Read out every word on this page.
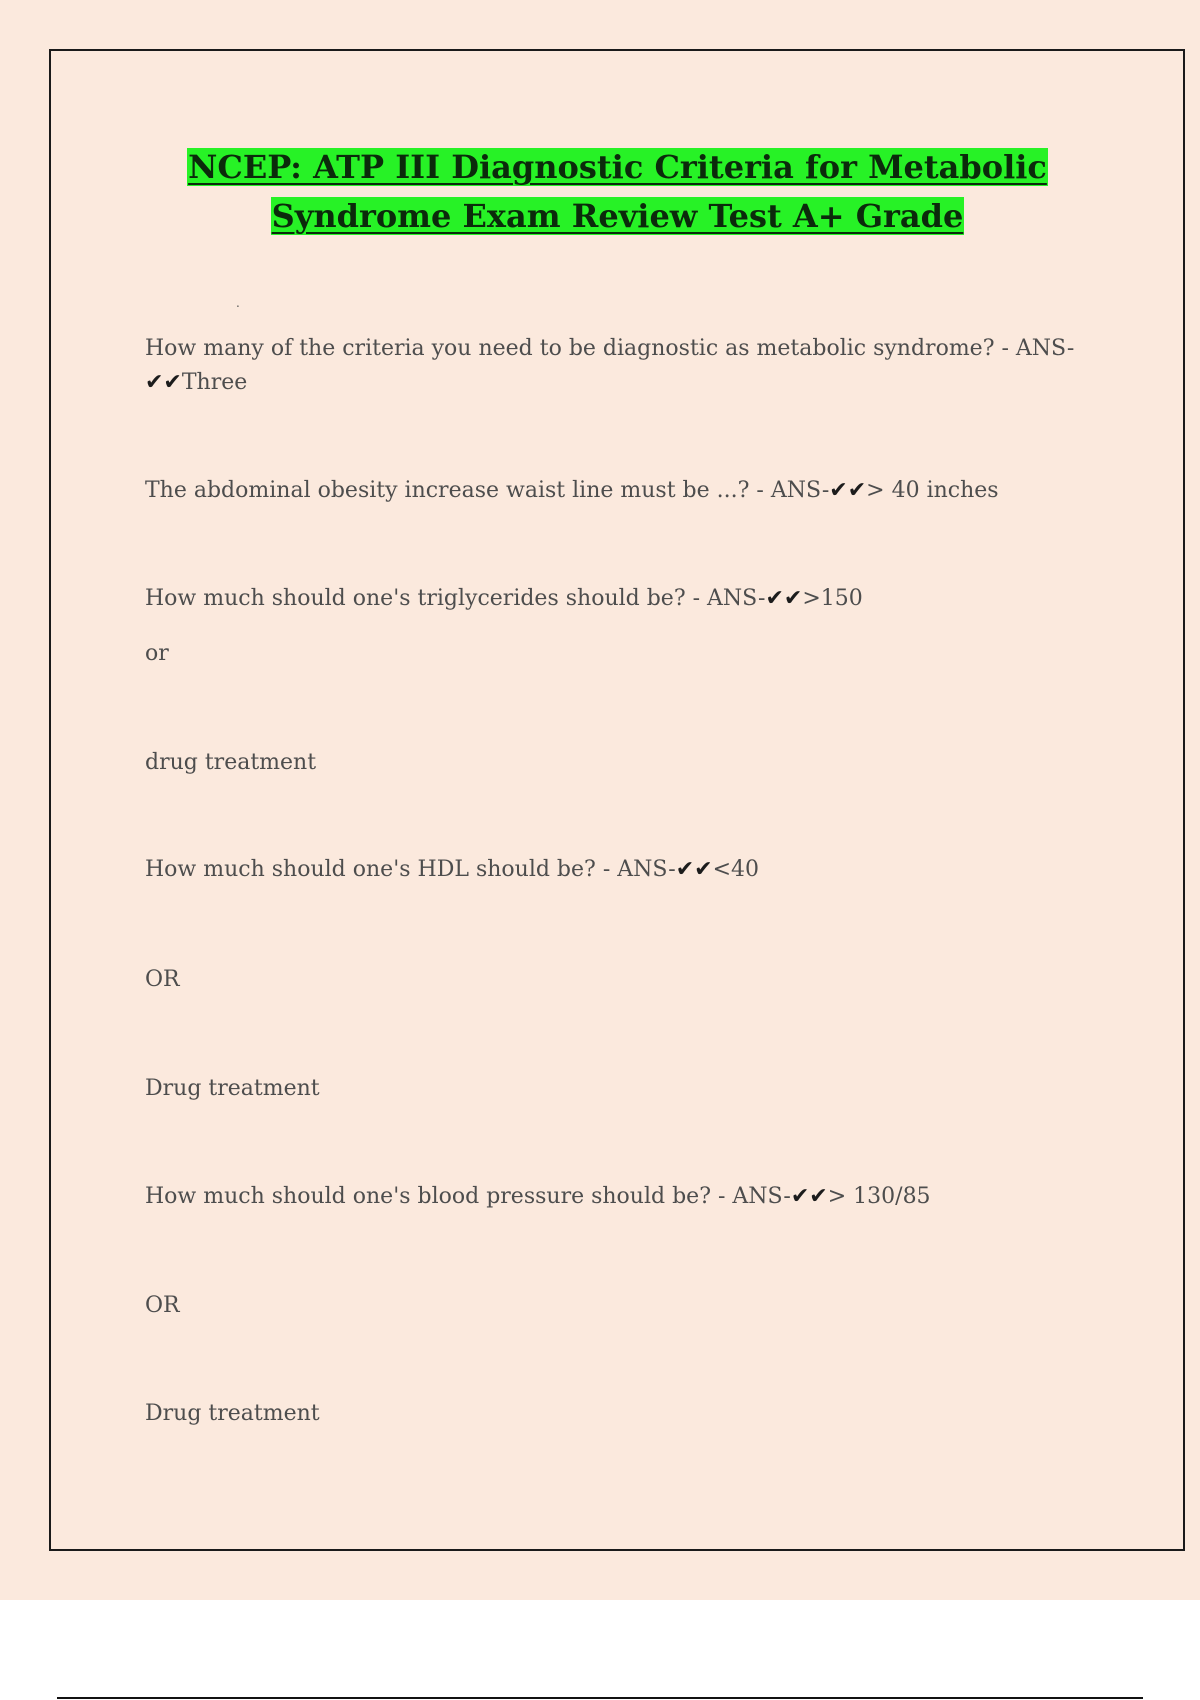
NCEP: ATP III Diagnostic Criteria for Metabolic
Syndrome Exam Review Test A+ Grade
.

How many of the criteria you need to be diagnostic as metabolic syndrome? - ANS-✔✔Three

The abdominal obesity increase waist line must be ...? - ANS-✔✔> 40 inches

How much should one's triglycerides should be? - ANS-✔✔>150

or

drug treatment

How much should one's HDL should be? - ANS-✔✔<40

OR

Drug treatment

How much should one's blood pressure should be? - ANS-✔✔> 130/85

OR

Drug treatment
